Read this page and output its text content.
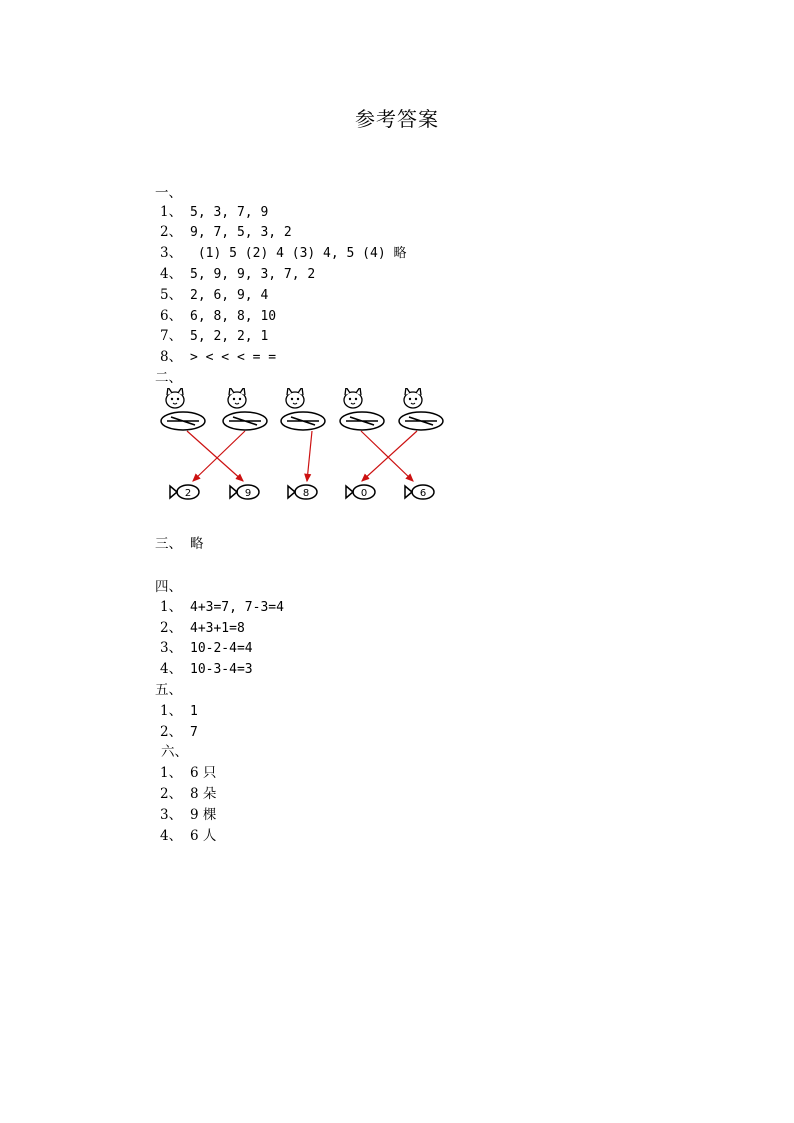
参考答案
一、
1、 5, 3, 7, 9
2、 9, 7, 5, 3, 2
3、 (1) 5 (2) 4 (3) 4, 5 (4) 略
4、 5, 9, 9, 3, 7, 2
5、 2, 6, 9, 4
6、 6, 8, 8, 10
7、 5, 2, 2, 1
8、 > < < < = =
二、
2	9	8	0	6
三、 略
四、
1、 4+3=7, 7-3=4
2、 4+3+1=8
3、 10-2-4=4
4、 10-3-4=3
五、
1、 1
2、 7
六、
1、 6 只
2、 8 朵
3、 9 棵
4、 6 人
